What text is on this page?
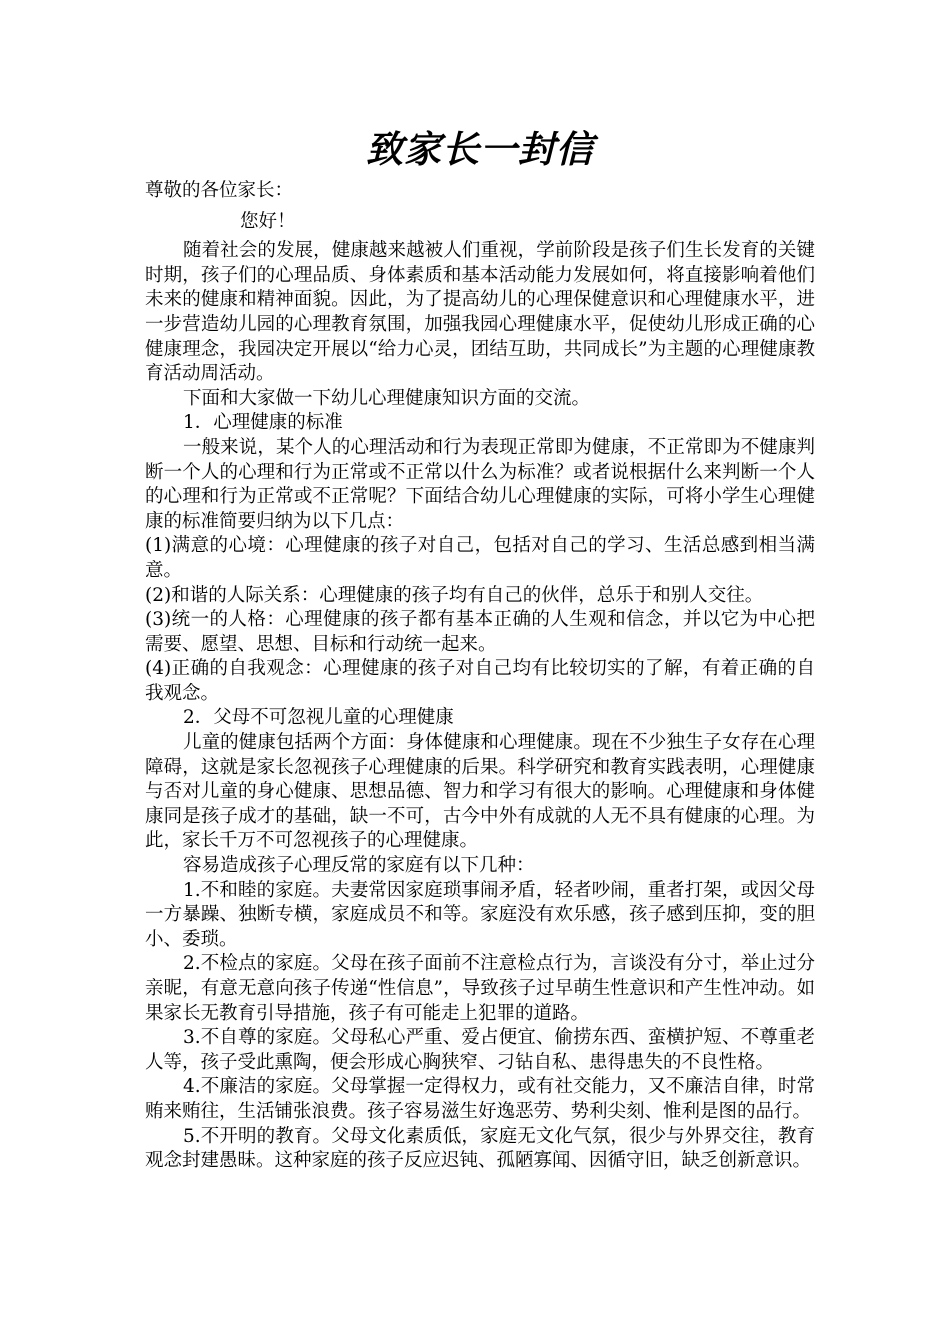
致家长一封信

尊敬的各位家长：

您好！

随着社会的发展，健康越来越被人们重视，学前阶段是孩子们生长发育的关键时期，孩子们的心理品质、身体素质和基本活动能力发展如何，将直接影响着他们未来的健康和精神面貌。因此，为了提高幼儿的心理保健意识和心理健康水平，进一步营造幼儿园的心理教育氛围，加强我园心理健康水平，促使幼儿形成正确的心健康理念，我园决定开展以“给力心灵，团结互助，共同成长”为主题的心理健康教育活动周活动。

下面和大家做一下幼儿心理健康知识方面的交流。

1．心理健康的标准

一般来说，某个人的心理活动和行为表现正常即为健康，不正常即为不健康判断一个人的心理和行为正常或不正常以什么为标准？或者说根据什么来判断一个人的心理和行为正常或不正常呢？下面结合幼儿心理健康的实际，可将小学生心理健康的标准简要归纳为以下几点：

(1)满意的心境：心理健康的孩子对自己，包括对自己的学习、生活总感到相当满意。

(2)和谐的人际关系：心理健康的孩子均有自己的伙伴，总乐于和别人交往。

(3)统一的人格：心理健康的孩子都有基本正确的人生观和信念，并以它为中心把需要、愿望、思想、目标和行动统一起来。

(4)正确的自我观念：心理健康的孩子对自己均有比较切实的了解，有着正确的自我观念。

2．父母不可忽视儿童的心理健康

儿童的健康包括两个方面：身体健康和心理健康。现在不少独生子女存在心理障碍，这就是家长忽视孩子心理健康的后果。科学研究和教育实践表明，心理健康与否对儿童的身心健康、思想品德、智力和学习有很大的影响。心理健康和身体健康同是孩子成才的基础，缺一不可，古今中外有成就的人无不具有健康的心理。为此，家长千万不可忽视孩子的心理健康。

容易造成孩子心理反常的家庭有以下几种：

1.不和睦的家庭。夫妻常因家庭琐事闹矛盾，轻者吵闹，重者打架，或因父母一方暴躁、独断专横，家庭成员不和等。家庭没有欢乐感，孩子感到压抑，变的胆小、委琐。

2.不检点的家庭。父母在孩子面前不注意检点行为，言谈没有分寸，举止过分亲昵，有意无意向孩子传递“性信息”，导致孩子过早萌生性意识和产生性冲动。如果家长无教育引导措施，孩子有可能走上犯罪的道路。

3.不自尊的家庭。父母私心严重、爱占便宜、偷捞东西、蛮横护短、不尊重老人等，孩子受此熏陶，便会形成心胸狭窄、刁钻自私、患得患失的不良性格。

4.不廉洁的家庭。父母掌握一定得权力，或有社交能力，又不廉洁自律，时常贿来贿往，生活铺张浪费。孩子容易滋生好逸恶劳、势利尖刻、惟利是图的品行。

5.不开明的教育。父母文化素质低，家庭无文化气氛，很少与外界交往，教育观念封建愚昧。这种家庭的孩子反应迟钝、孤陋寡闻、因循守旧，缺乏创新意识。
